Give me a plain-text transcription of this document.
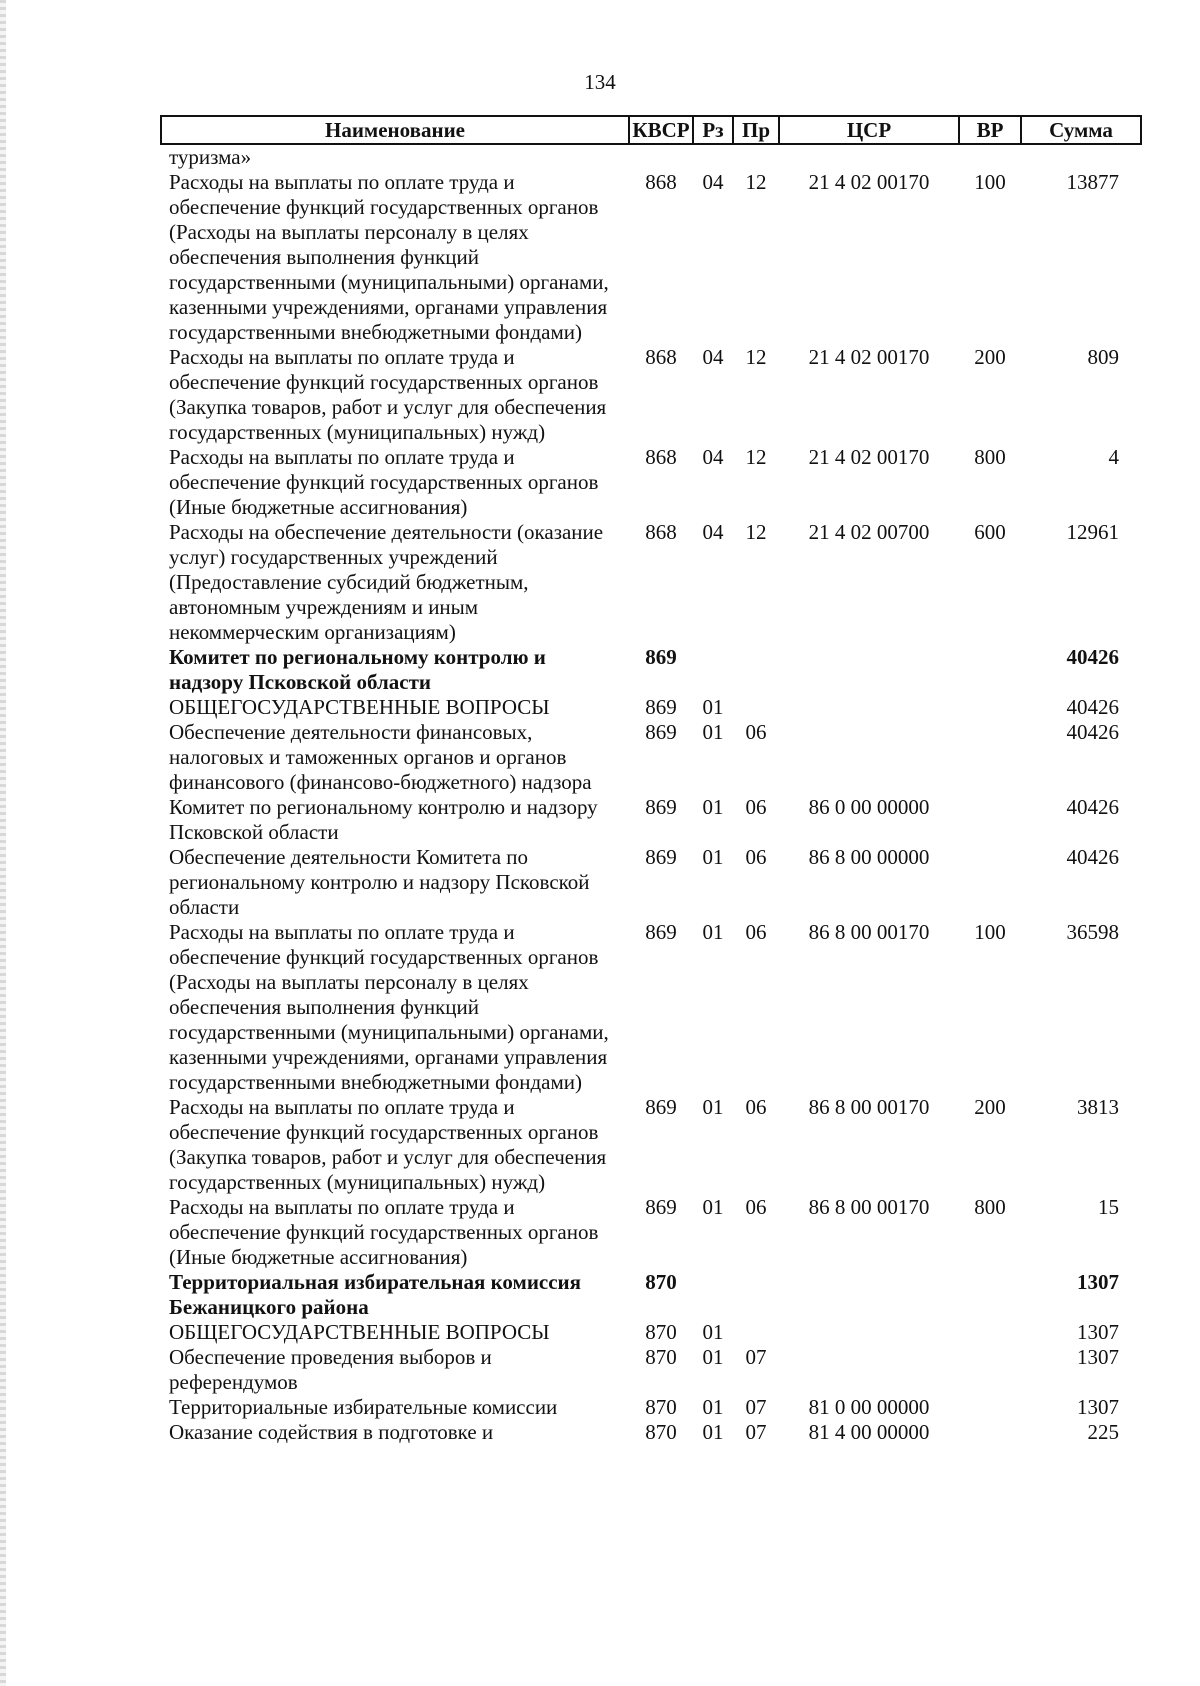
134
Наименование	КВСР	Рз	Пр	ЦСР	ВР	Сумма
туризма»						
Расходы на выплаты по оплате труда и обеспечение функций государственных органов (Расходы на выплаты персоналу в целях обеспечения выполнения функций государственными (муниципальными) органами, казенными учреждениями, органами управления государственными внебюджетными фондами)	868	04	12	21 4 02 00170	100	13877
Расходы на выплаты по оплате труда и обеспечение функций государственных органов (Закупка товаров, работ и услуг для обеспечения государственных (муниципальных) нужд)	868	04	12	21 4 02 00170	200	809
Расходы на выплаты по оплате труда и обеспечение функций государственных органов (Иные бюджетные ассигнования)	868	04	12	21 4 02 00170	800	4
Расходы на обеспечение деятельности (оказание услуг) государственных учреждений (Предоставление субсидий бюджетным, автономным учреждениям и иным некоммерческим организациям)	868	04	12	21 4 02 00700	600	12961
Комитет по региональному контролю и надзору Псковской области	869					40426
ОБЩЕГОСУДАРСТВЕННЫЕ ВОПРОСЫ	869	01				40426
Обеспечение деятельности финансовых, налоговых и таможенных органов и органов финансового (финансово-бюджетного) надзора	869	01	06			40426
Комитет по региональному контролю и надзору Псковской области	869	01	06	86 0 00 00000		40426
Обеспечение деятельности Комитета по региональному контролю и надзору Псковской области	869	01	06	86 8 00 00000		40426
Расходы на выплаты по оплате труда и обеспечение функций государственных органов (Расходы на выплаты персоналу в целях обеспечения выполнения функций государственными (муниципальными) органами, казенными учреждениями, органами управления государственными внебюджетными фондами)	869	01	06	86 8 00 00170	100	36598
Расходы на выплаты по оплате труда и обеспечение функций государственных органов (Закупка товаров, работ и услуг для обеспечения государственных (муниципальных) нужд)	869	01	06	86 8 00 00170	200	3813
Расходы на выплаты по оплате труда и обеспечение функций государственных органов (Иные бюджетные ассигнования)	869	01	06	86 8 00 00170	800	15
Территориальная избирательная комиссия Бежаницкого района	870					1307
ОБЩЕГОСУДАРСТВЕННЫЕ ВОПРОСЫ	870	01				1307
Обеспечение проведения выборов и референдумов	870	01	07			1307
Территориальные избирательные комиссии	870	01	07	81 0 00 00000		1307
Оказание содействия в подготовке и	870	01	07	81 4 00 00000		225
